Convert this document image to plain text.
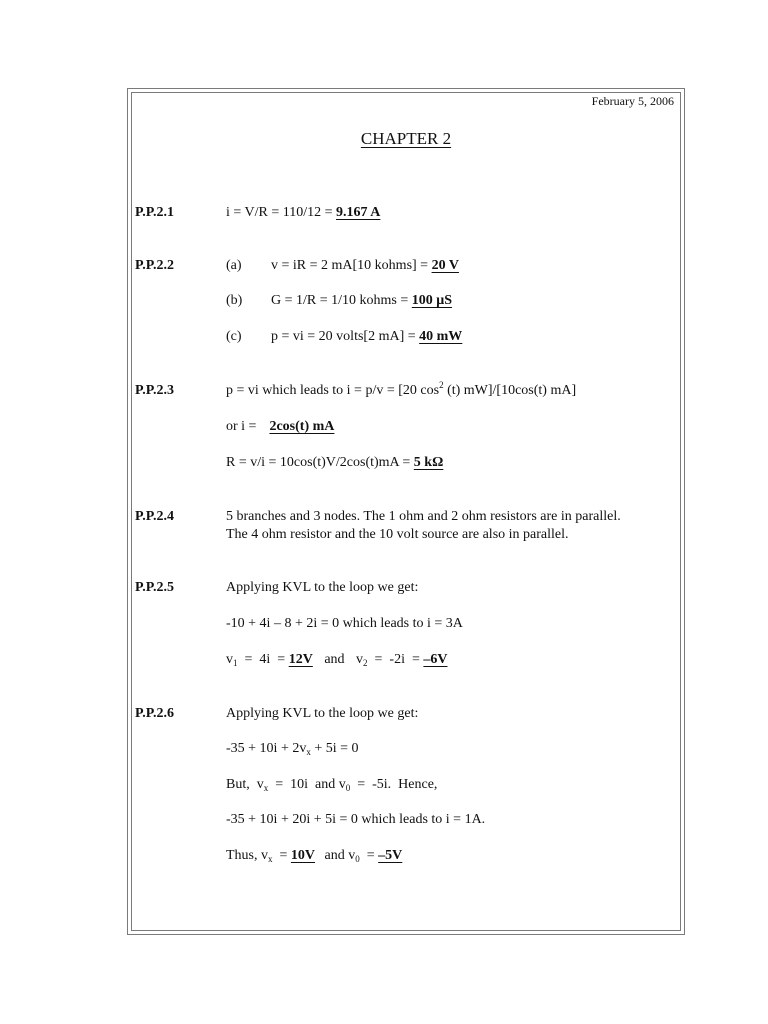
February 5, 2006
CHAPTER 2
P.P.2.1	i = V/R = 110/12 = 9.167 A
P.P.2.2	(a) v = iR = 2 mA[10 kohms] = 20 V
(b) G = 1/R = 1/10 kohms = 100 μS
(c) p = vi = 20 volts[2 mA] = 40 mW
P.P.2.3	p = vi which leads to i = p/v = [20 $\cos^2 (t)$ mW]/[10cos(t) mA]
or i = 2cos(t) mA
R = v/i = 10cos(t)V/2cos(t)mA = 5 kΩ
P.P.2.4	5 branches and 3 nodes. The 1 ohm and 2 ohm resistors are in parallel.
The 4 ohm resistor and the 10 volt source are also in parallel.
P.P.2.5	Applying KVL to the loop we get:
-10 + 4i – 8 + 2i = 0 which leads to i = 3A
$v_1 = 4i = 12V$ and $v_2 = -2i = -6V$
P.P.2.6	Applying KVL to the loop we get:
$-35 + 10i + 2v_x + 5i = 0$
But,  $v_x = 10i$  and $v_0 = -5i$.  Hence,
-35 + 10i + 20i + 5i = 0 which leads to i = 1A.
Thus, $v_x = 10V$ and $v_0 = -5V$
